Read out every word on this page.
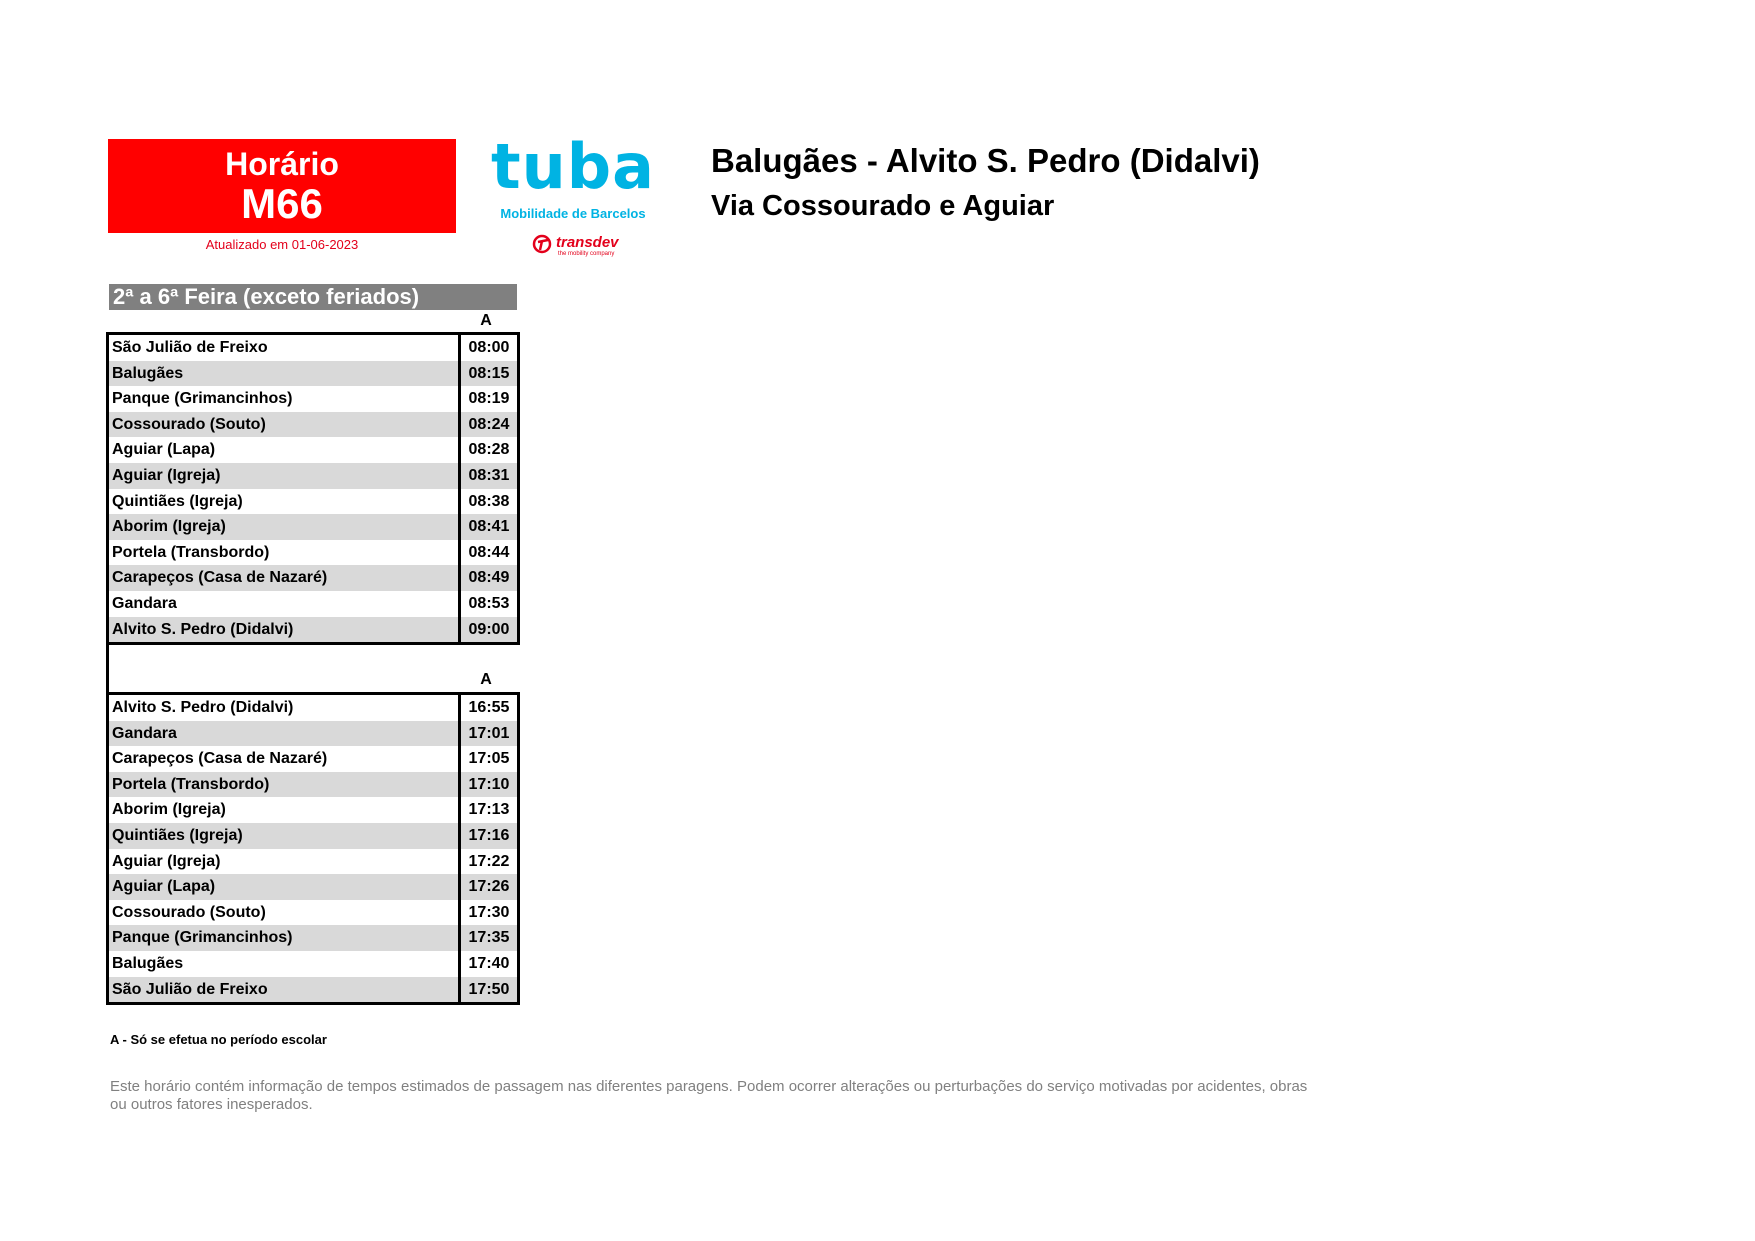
Horário
M66
Atualizado em 01-06-2023
tuba
Mobilidade de Barcelos
transdev
the mobility company
Balugães - Alvito S. Pedro (Didalvi)
Via Cossourado e Aguiar
2ª a 6ª Feira (exceto feriados)
A
São Julião de Freixo	08:00
Balugães	08:15
Panque (Grimancinhos)	08:19
Cossourado (Souto)	08:24
Aguiar (Lapa)	08:28
Aguiar (Igreja)	08:31
Quintiães (Igreja)	08:38
Aborim (Igreja)	08:41
Portela (Transbordo)	08:44
Carapeços (Casa de Nazaré)	08:49
Gandara	08:53
Alvito S. Pedro (Didalvi)	09:00
A
Alvito S. Pedro (Didalvi)	16:55
Gandara	17:01
Carapeços (Casa de Nazaré)	17:05
Portela (Transbordo)	17:10
Aborim (Igreja)	17:13
Quintiães (Igreja)	17:16
Aguiar (Igreja)	17:22
Aguiar (Lapa)	17:26
Cossourado (Souto)	17:30
Panque (Grimancinhos)	17:35
Balugães	17:40
São Julião de Freixo	17:50
A - Só se efetua no período escolar
Este horário contém informação de tempos estimados de passagem nas diferentes paragens. Podem ocorrer alterações ou perturbações do serviço motivadas por acidentes, obras ou outros fatores inesperados.
